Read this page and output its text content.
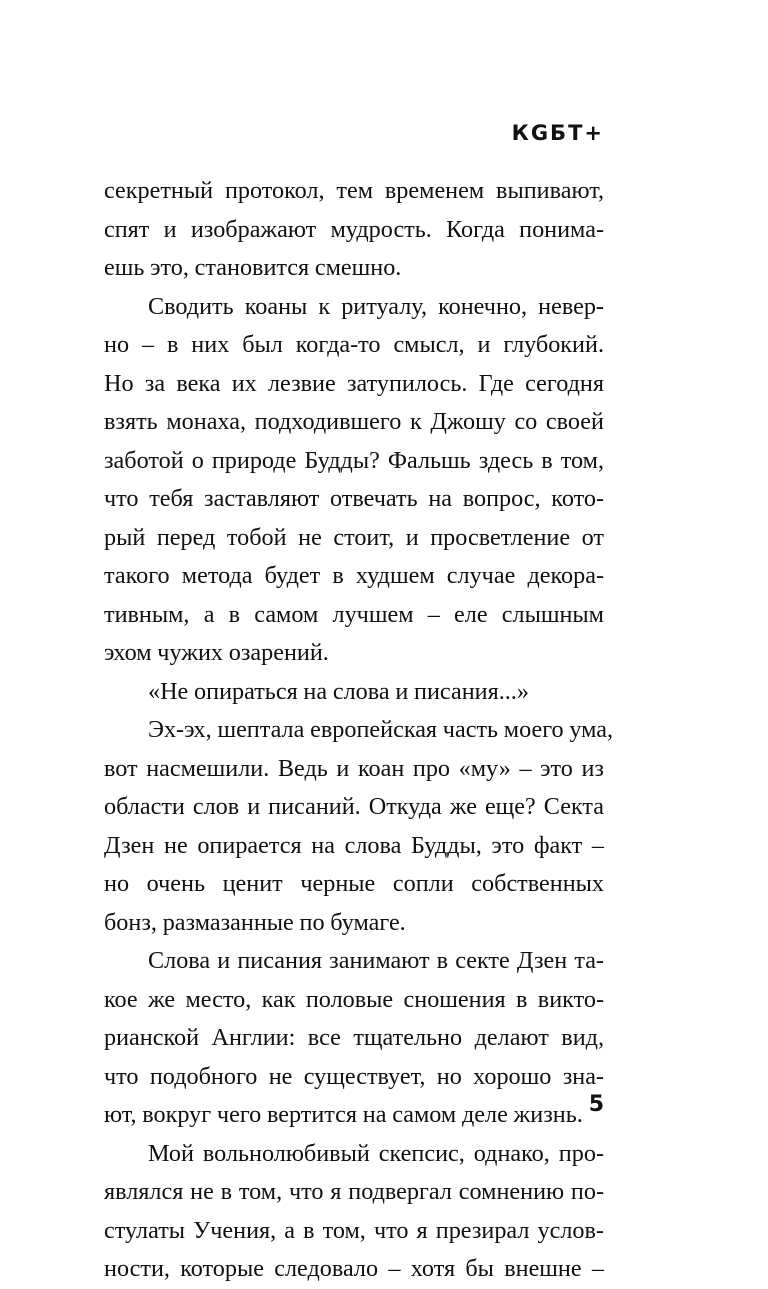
КGБT+
секретный протокол, тем временем выпивают,
спят и изображают мудрость. Когда понима-
ешь это, становится смешно.
Сводить коаны к ритуалу, конечно, невер-
но – в них был когда-то смысл, и глубокий.
Но за века их лезвие затупилось. Где сегодня
взять монаха, подходившего к Джошу со своей
заботой о природе Будды? Фальшь здесь в том,
что тебя заставляют отвечать на вопрос, кото-
рый перед тобой не стоит, и просветление от
такого метода будет в худшем случае декора-
тивным, а в самом лучшем – еле слышным
эхом чужих озарений.
«Не опираться на слова и писания...»
Эх-эх, шептала европейская часть моего ума,
вот насмешили. Ведь и коан про «му» – это из
области слов и писаний. Откуда же еще? Секта
Дзен не опирается на слова Будды, это факт –
но очень ценит черные сопли собственных
бонз, размазанные по бумаге.
Слова и писания занимают в секте Дзен та-
кое же место, как половые сношения в викто-
рианской Англии: все тщательно делают вид,
что подобного не существует, но хорошо зна-
ют, вокруг чего вертится на самом деле жизнь.
Мой вольнолюбивый скепсис, однако, про-
являлся не в том, что я подвергал сомнению по-
стулаты Учения, а в том, что я презирал услов-
ности, которые следовало – хотя бы внешне –
5
